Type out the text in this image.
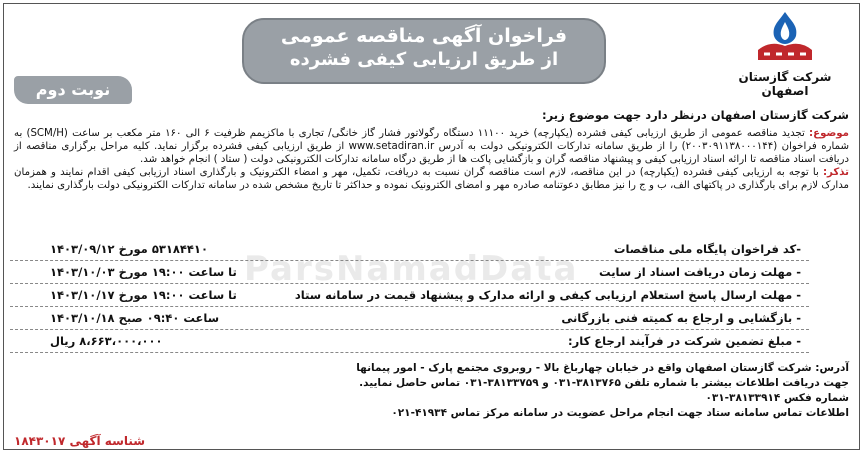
شرکت گازستان اصفهان
فراخوان آگهی مناقصه عمومی
از طریق ارزیابی کیفی فشرده
نوبت دوم
شرکت گازستان اصفهان درنظر دارد جهت موضوع زیر:
موضوع: تجدید مناقصه عمومی از طریق ارزیابی کیفی فشرده (یکپارچه) خرید ۱۱۱۰۰ دستگاه رگولاتور فشار گاز خانگی/ تجاری با ماکزیمم ظرفیت ۶ الی ۱۶۰ متر مکعب بر ساعت (SCM/H) به شماره فراخوان (۲۰۰۳۰۹۱۱۳۸۰۰۰۱۴۴) را از طریق سامانه تدارکات الکترونیکی دولت به آدرس www.setadiran.ir از طریق ارزیابی کیفی فشرده برگزار نماید. کلیه مراحل برگزاری مناقصه از دریافت اسناد مناقصه تا ارائه اسناد ارزیابی کیفی و پیشنهاد مناقصه گران و بازگشایی پاکت ها از طریق درگاه سامانه تدارکات الکترونیکی دولت ( ستاد ) انجام خواهد شد.
تذکر: با توجه به ارزیابی کیفی فشرده (یکپارچه) در این مناقصه، لازم است مناقصه گران نسبت به دریافت، تکمیل، مهر و امضاء الکترونیک و بارگذاری اسناد ارزیابی کیفی اقدام نمایند و همزمان مدارک لازم برای بارگذاری در پاکتهای الف، ب و ج را نیز مطابق دعوتنامه صادره مهر و امضای الکترونیک نموده و حداکثر تا تاریخ مشخص شده در سامانه تدارکات الکترونیکی دولت بارگذاری نمایند.
ParsNamadData	-کد فراخوان پایگاه ملی مناقصات
۵۳۱۸۴۴۱۰ مورخ ۱۴۰۳/۰۹/۱۲
- مهلت زمان دریافت اسناد از سایت
تا ساعت ۱۹:۰۰ مورخ ۱۴۰۳/۱۰/۰۳
- مهلت ارسال پاسخ استعلام ارزیابی کیفی و ارائه مدارک و پیشنهاد قیمت در سامانه ستاد
تا ساعت ۱۹:۰۰ مورخ ۱۴۰۳/۱۰/۱۷
- بازگشایی و ارجاع به کمیته فنی بازرگانی
ساعت ۰۹:۴۰ صبح ۱۴۰۳/۱۰/۱۸
- مبلغ تضمین شرکت در فرآیند ارجاع کار:
۸،۶۶۳،۰۰۰،۰۰۰ ریال
آدرس: شرکت گازستان اصفهان واقع در خیابان چهارباغ بالا - روبروی مجتمع پارک - امور پیمانها
جهت دریافت اطلاعات بیشتر با شماره تلفن ۳۸۱۳۷۶۵-۰۳۱ و ۳۸۱۳۳۷۵۹-۰۳۱ تماس حاصل نمایید.
شماره فکس ۳۸۱۳۳۹۱۴-۰۳۱
اطلاعات تماس سامانه ستاد جهت انجام مراحل عضویت در سامانه مرکز تماس ۴۱۹۳۴-۰۲۱
شناسه آگهی ۱۸۴۳۰۱۷
